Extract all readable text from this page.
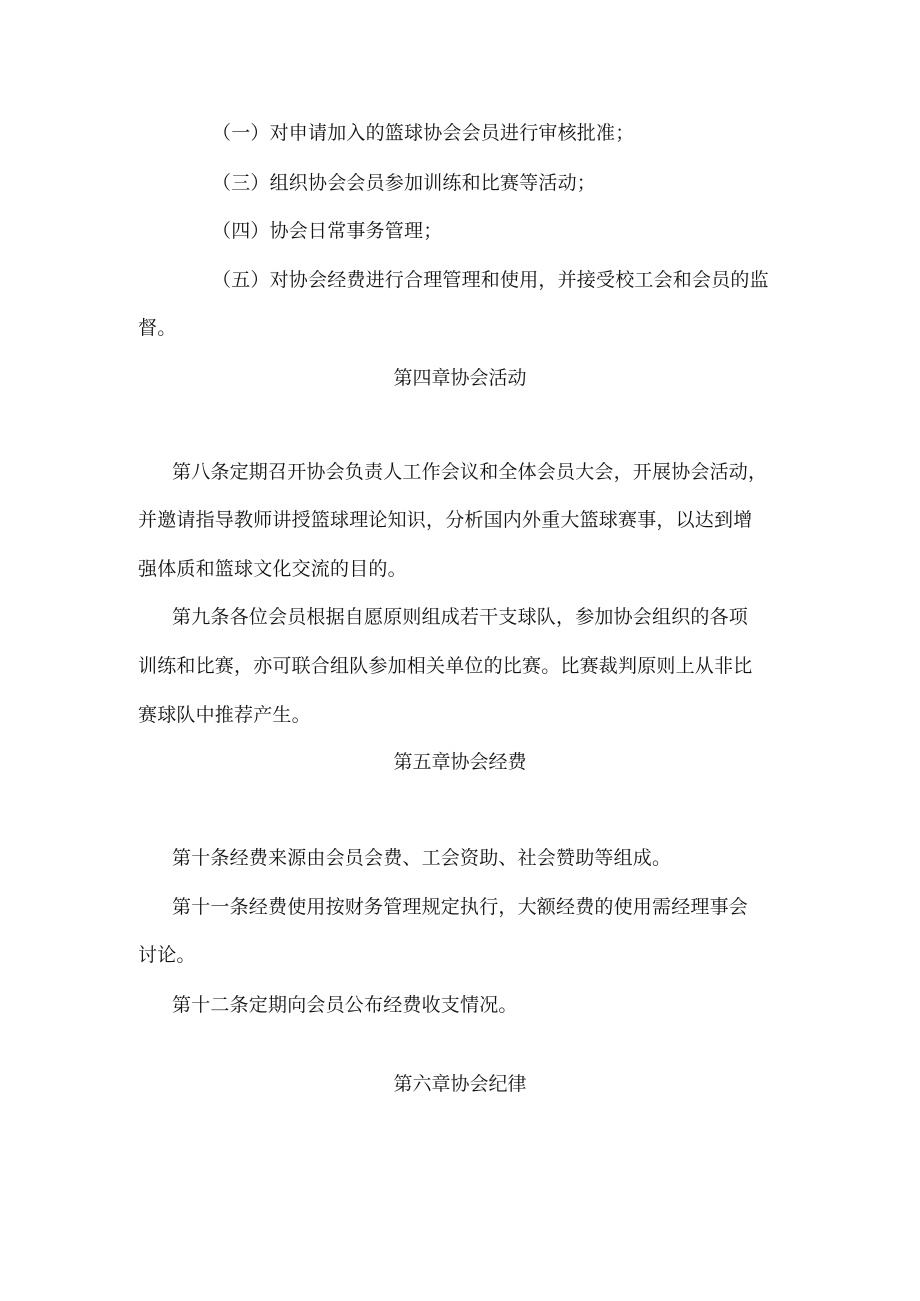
（一）对申请加入的篮球协会会员进行审核批准；
（三）组织协会会员参加训练和比赛等活动；
（四）协会日常事务管理；
（五）对协会经费进行合理管理和使用，并接受校工会和会员的监
督。
第四章协会活动
第八条定期召开协会负责人工作会议和全体会员大会，开展协会活动，
并邀请指导教师讲授篮球理论知识，分析国内外重大篮球赛事，以达到增
强体质和篮球文化交流的目的。
第九条各位会员根据自愿原则组成若干支球队，参加协会组织的各项
训练和比赛，亦可联合组队参加相关单位的比赛。比赛裁判原则上从非比
赛球队中推荐产生。
第五章协会经费
第十条经费来源由会员会费、工会资助、社会赞助等组成。
第十一条经费使用按财务管理规定执行，大额经费的使用需经理事会
讨论。
第十二条定期向会员公布经费收支情况。
第六章协会纪律
